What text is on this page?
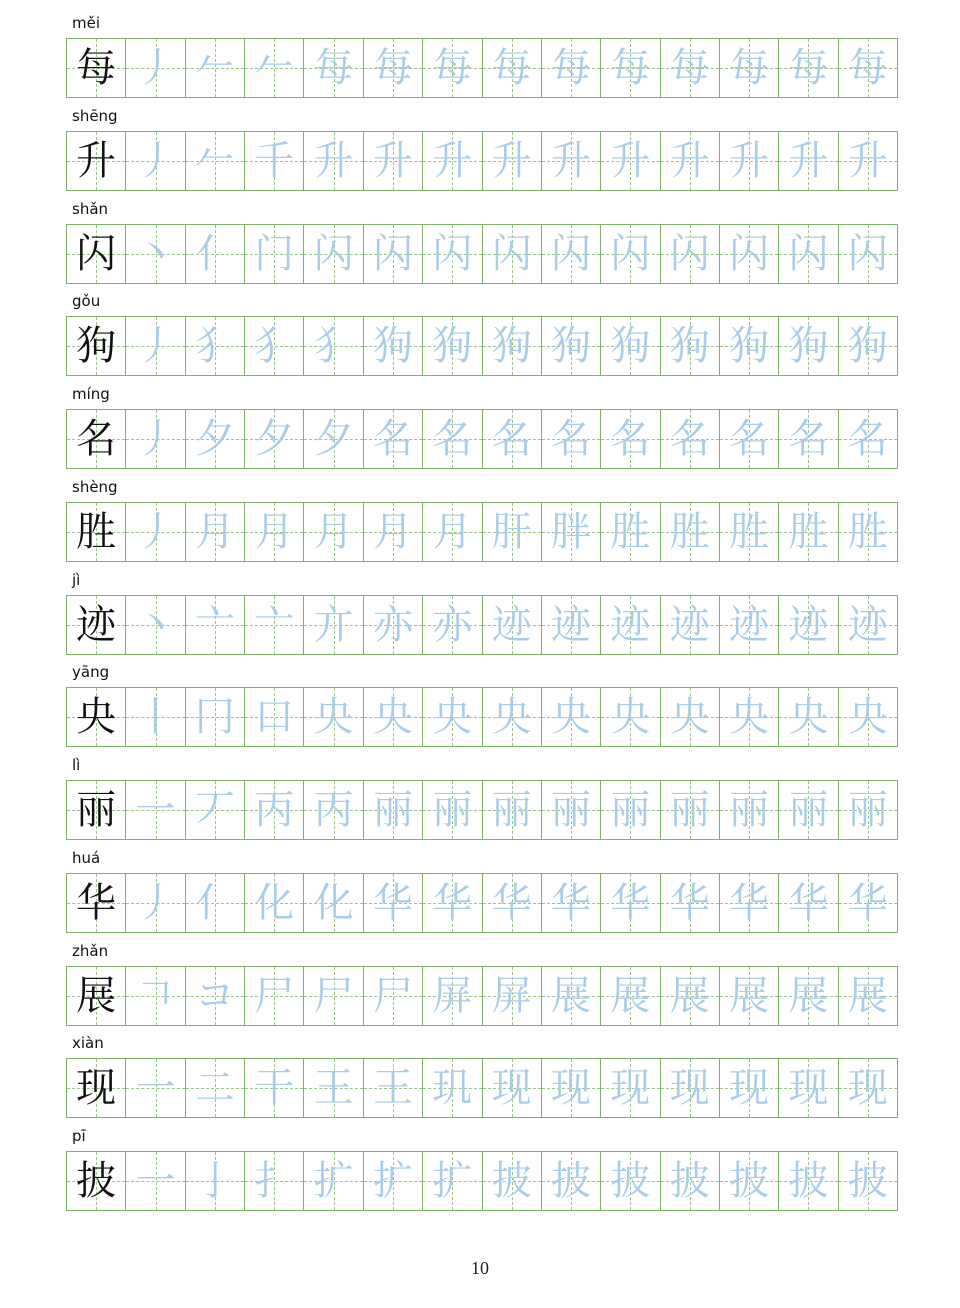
měi
每 丿 𠂉 𠂉 每 每 每 每 每 每 每 每 每 每
shēng
升 丿 𠂉 千 升 升 升 升 升 升 升 升 升 升
shǎn
闪 丶 亻 门 闪 闪 闪 闪 闪 闪 闪 闪 闪 闪
gǒu
狗 丿 犭 犭 犭 狗 狗 狗 狗 狗 狗 狗 狗 狗
míng
名 丿 夕 夕 夕 名 名 名 名 名 名 名 名 名
shèng
胜 丿 月 月 月 月 月 肝 胖 胜 胜 胜 胜 胜
jì
迹 丶 亠 亠 亣 亦 亦 迹 迹 迹 迹 迹 迹 迹
yāng
央 丨 冂 口 央 央 央 央 央 央 央 央 央 央
lì
丽 一 丆 丙 丙 丽 丽 丽 丽 丽 丽 丽 丽 丽
huá
华 丿 亻 化 化 华 华 华 华 华 华 华 华 华
zhǎn
展 𠃍 コ 尸 尸 尸 屏 屏 展 展 展 展 展 展
xiàn
现 一 二 干 王 王 玑 现 现 现 现 现 现 现
pī
披 一 亅 扌 扩 扩 扩 披 披 披 披 披 披 披
10
